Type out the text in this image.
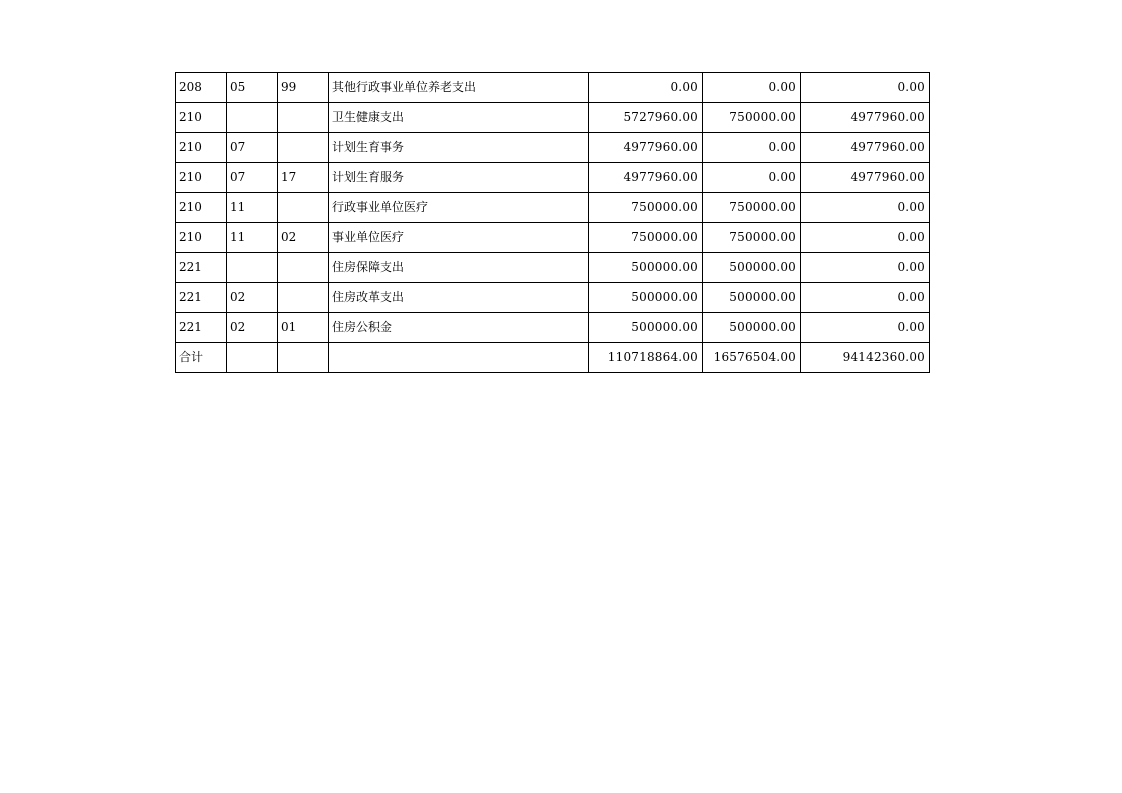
208	05	99	其他行政事业单位养老支出	0.00	0.00	0.00
210			卫生健康支出	5727960.00	750000.00	4977960.00
210	07		计划生育事务	4977960.00	0.00	4977960.00
210	07	17	计划生育服务	4977960.00	0.00	4977960.00
210	11		行政事业单位医疗	750000.00	750000.00	0.00
210	11	02	事业单位医疗	750000.00	750000.00	0.00
221			住房保障支出	500000.00	500000.00	0.00
221	02		住房改革支出	500000.00	500000.00	0.00
221	02	01	住房公积金	500000.00	500000.00	0.00
合计				110718864.00	16576504.00	94142360.00
